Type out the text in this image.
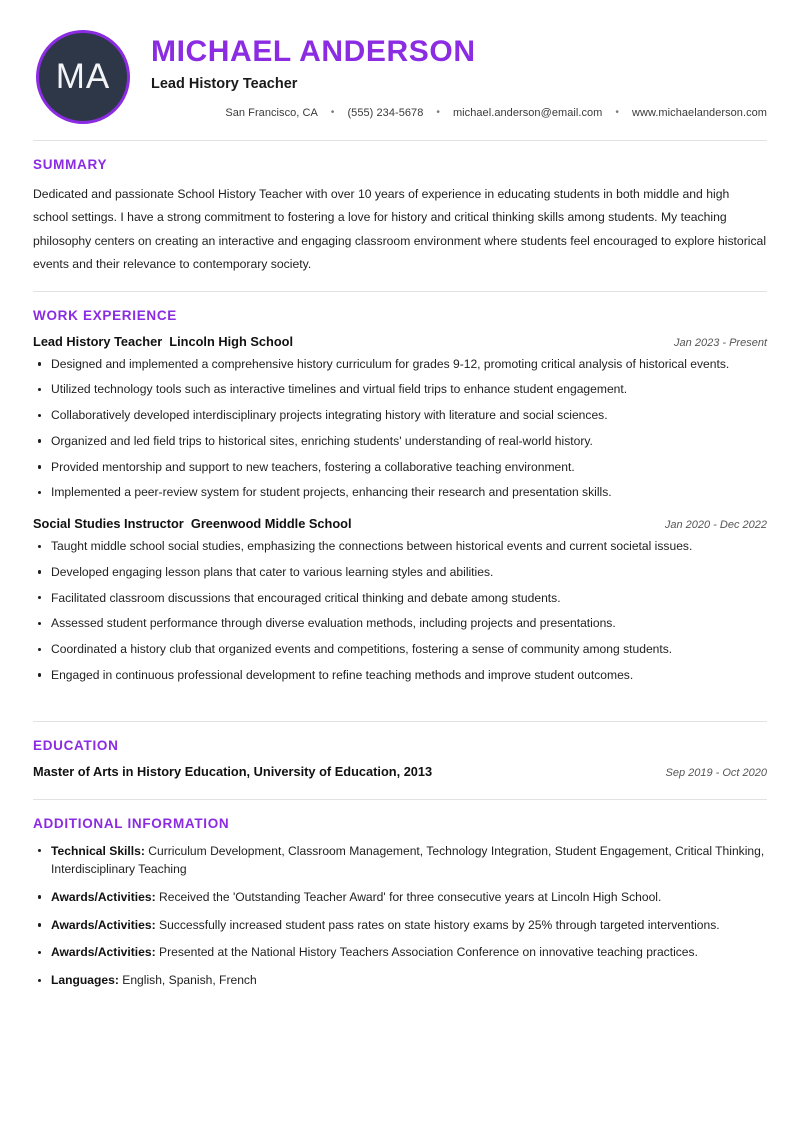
MA
MICHAEL ANDERSON
Lead History Teacher
San Francisco, CA • (555) 234-5678 • michael.anderson@email.com • www.michaelanderson.com
SUMMARY

Dedicated and passionate School History Teacher with over 10 years of experience in educating students in both middle and high school settings. I have a strong commitment to fostering a love for history and critical thinking skills among students. My teaching philosophy centers on creating an interactive and engaging classroom environment where students feel encouraged to explore historical events and their relevance to contemporary society.

WORK EXPERIENCE
Lead History Teacher  Lincoln High School	Jan 2023 - Present
Designed and implemented a comprehensive history curriculum for grades 9-12, promoting critical analysis of historical events.
Utilized technology tools such as interactive timelines and virtual field trips to enhance student engagement.
Collaboratively developed interdisciplinary projects integrating history with literature and social sciences.
Organized and led field trips to historical sites, enriching students' understanding of real-world history.
Provided mentorship and support to new teachers, fostering a collaborative teaching environment.
Implemented a peer-review system for student projects, enhancing their research and presentation skills.
Social Studies Instructor  Greenwood Middle School	Jan 2020 - Dec 2022
Taught middle school social studies, emphasizing the connections between historical events and current societal issues.
Developed engaging lesson plans that cater to various learning styles and abilities.
Facilitated classroom discussions that encouraged critical thinking and debate among students.
Assessed student performance through diverse evaluation methods, including projects and presentations.
Coordinated a history club that organized events and competitions, fostering a sense of community among students.
Engaged in continuous professional development to refine teaching methods and improve student outcomes.
EDUCATION
Master of Arts in History Education, University of Education, 2013	Sep 2019 - Oct 2020
ADDITIONAL INFORMATION
Technical Skills: Curriculum Development, Classroom Management, Technology Integration, Student Engagement, Critical Thinking, Interdisciplinary Teaching
Awards/Activities: Received the 'Outstanding Teacher Award' for three consecutive years at Lincoln High School.
Awards/Activities: Successfully increased student pass rates on state history exams by 25% through targeted interventions.
Awards/Activities: Presented at the National History Teachers Association Conference on innovative teaching practices.
Languages: English, Spanish, French
